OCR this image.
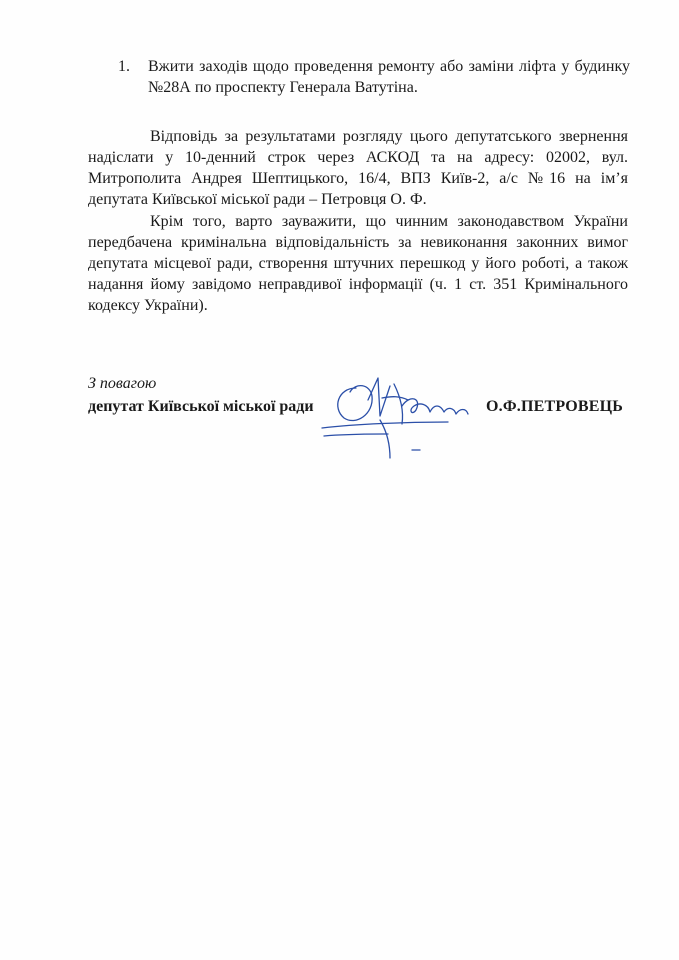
1.	Вжити заходів щодо проведення ремонту або заміни ліфта у будинку №28А по проспекту Генерала Ватутіна.
Відповідь за результатами розгляду цього депутатського звернення надіслати у 10-денний строк через АСКОД та на адресу: 02002, вул. Митрополита Андрея Шептицького, 16/4, ВПЗ Київ-2, а/с №16 на ім’я депутата Київської міської ради – Петровця О. Ф.
Крім того, варто зауважити, що чинним законодавством України передбачена кримінальна відповідальність за невиконання законних вимог депутата місцевої ради, створення штучних перешкод у його роботі, а також надання йому завідомо неправдивої інформації (ч. 1 ст. 351 Кримінального кодексу України).
З повагою
депутат Київської міської ради	О.Ф.ПЕТРОВЕЦЬ
